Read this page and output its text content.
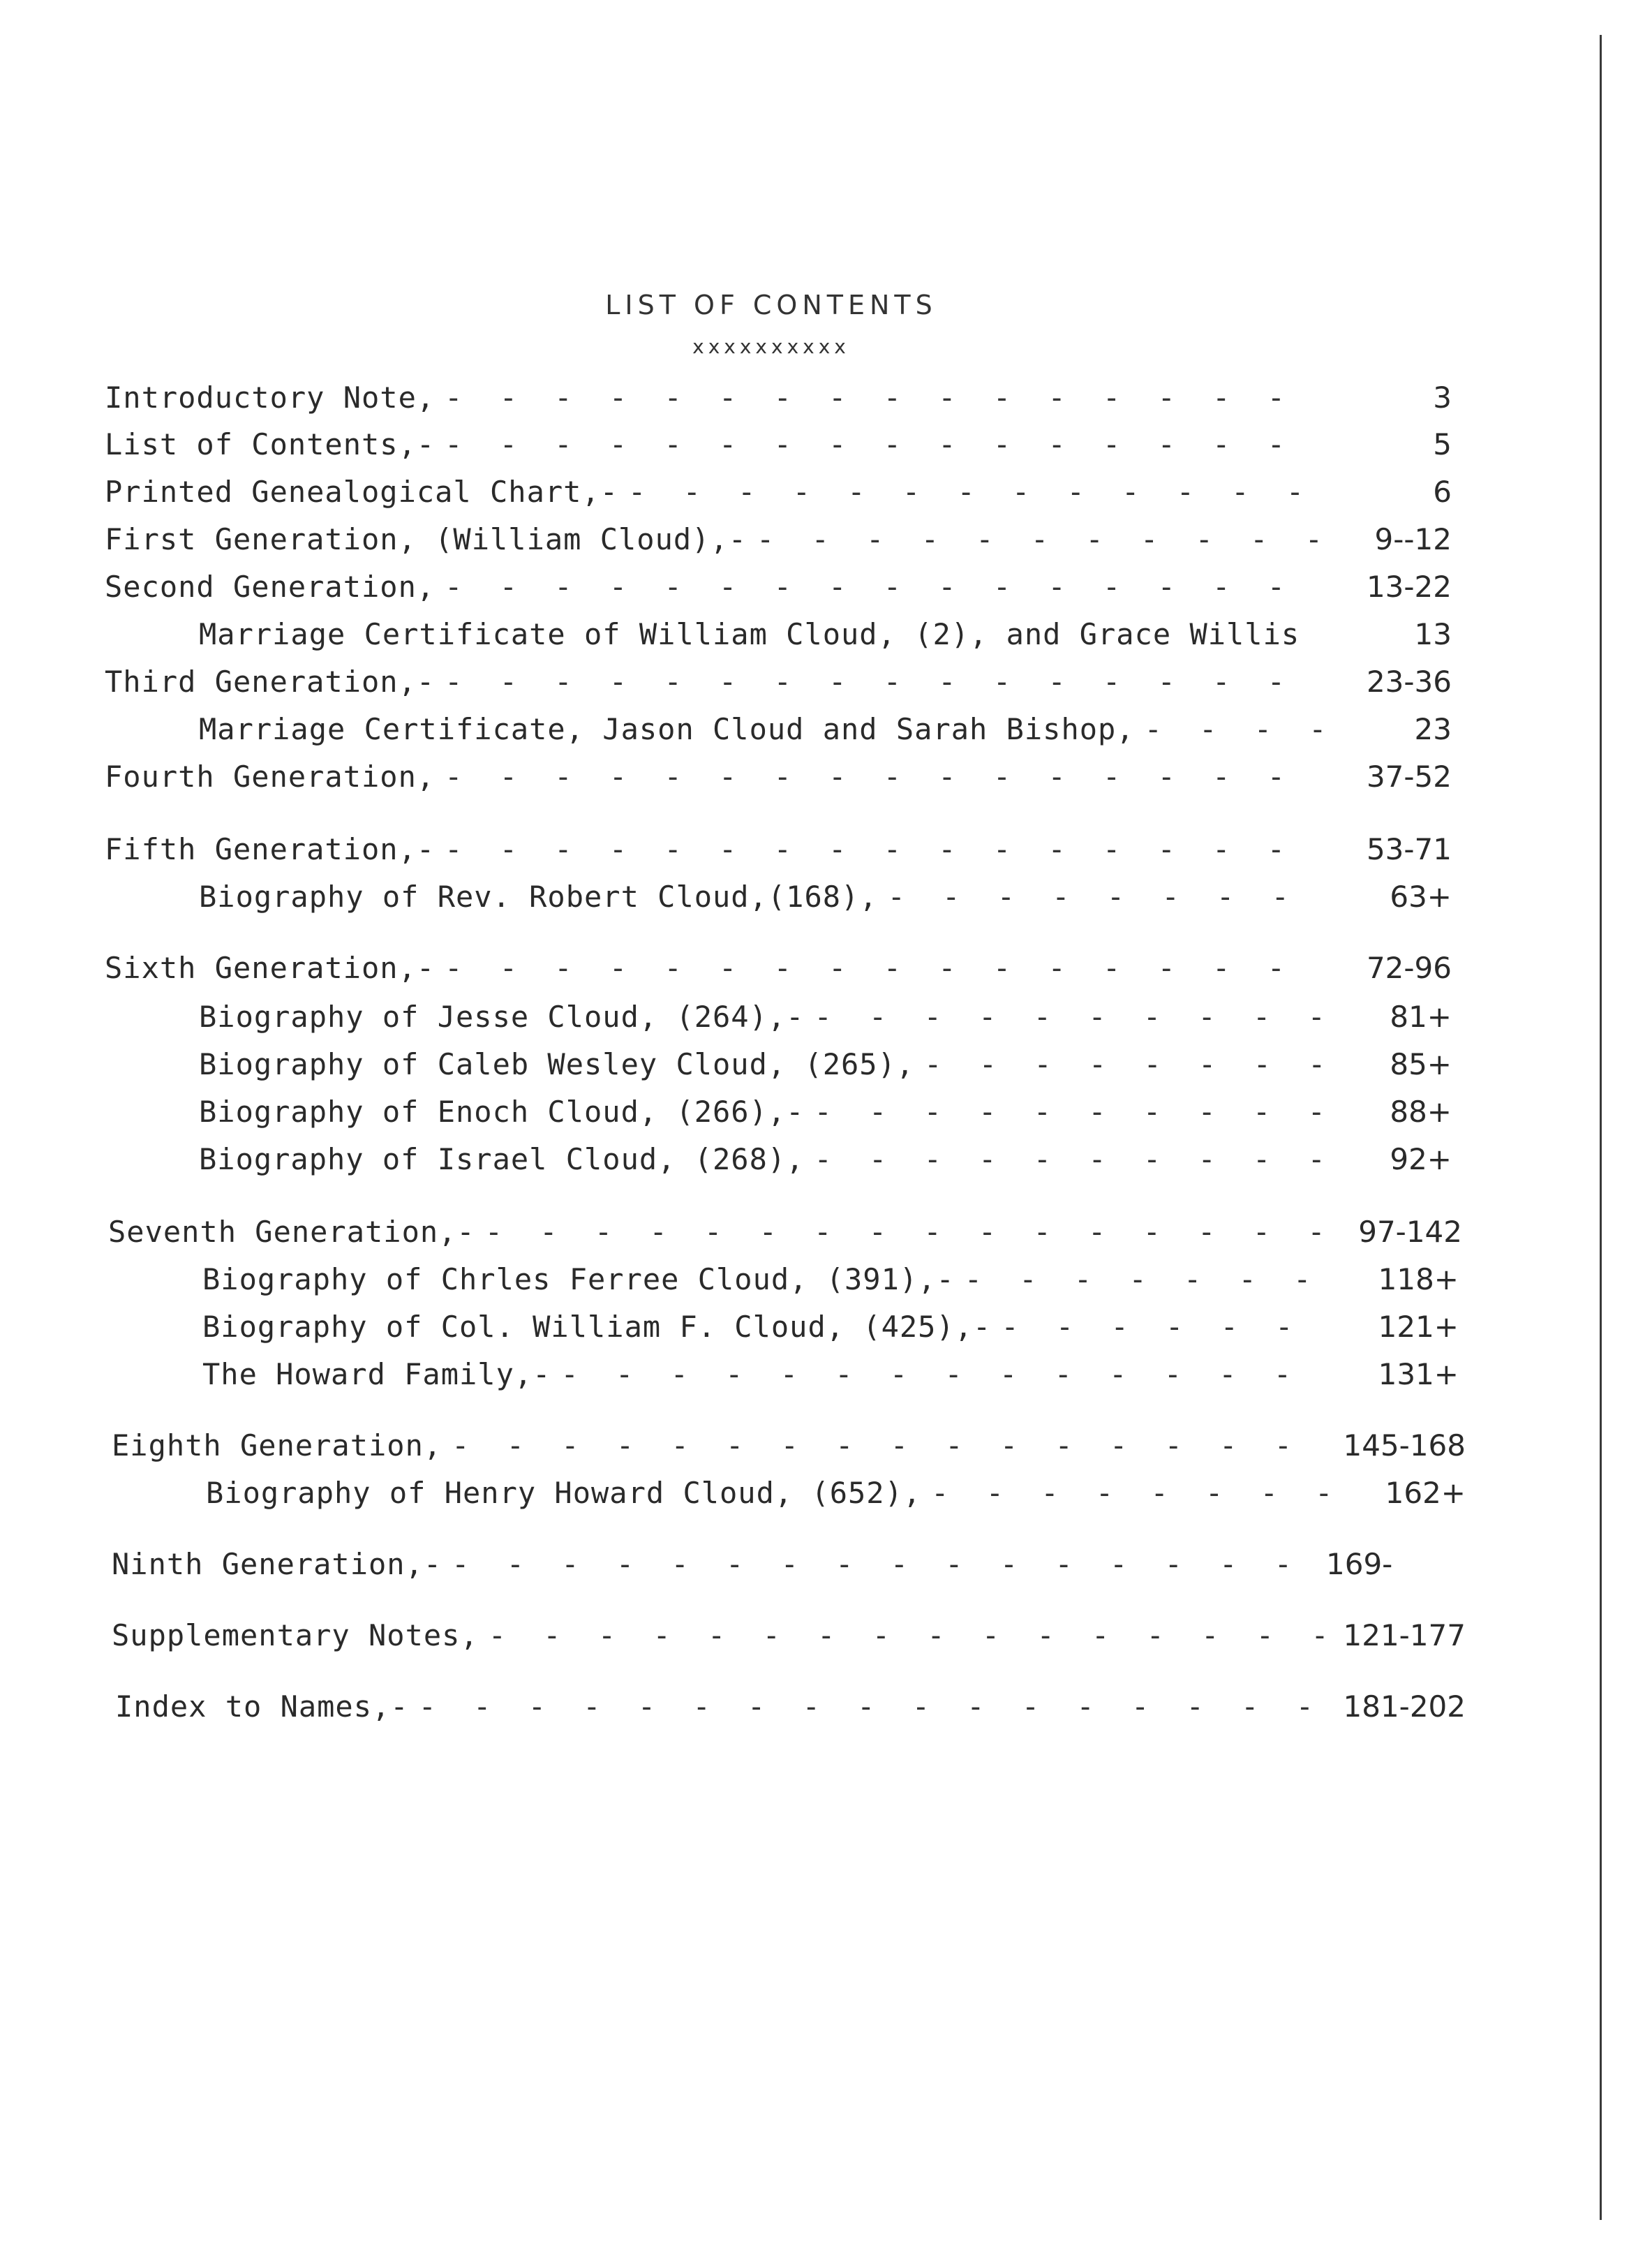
LIST OF CONTENTS
xxxxxxxxxx
Introductory Note, - - -	3
List of Contents,- - - -	5
Printed Genealogical Chart,- - - -	6
First Generation, (William Cloud),- - - -	9--12
Second Generation, - - -	13-22
Marriage Certificate of William Cloud, (2), and Grace Willis	13
Third Generation,- - - -	23-36
Marriage Certificate, Jason Cloud and Sarah Bishop, - - -	23
Fourth Generation, - - -	37-52
Fifth Generation,- - - -	53-71
Biography of Rev. Robert Cloud,(168), - - -	63+
Sixth Generation,- - - -	72-96
Biography of Jesse Cloud, (264),- - - -	81+
Biography of Caleb Wesley Cloud, (265), - - -	85+
Biography of Enoch Cloud, (266),- - - -	88+
Biography of Israel Cloud, (268), - - -	92+
Seventh Generation,- - - -	97-142
Biography of Chrles Ferree Cloud, (391),- - - -	118+
Biography of Col. William F. Cloud, (425),- - - -	121+
The Howard Family,- - - -	131+
Eighth Generation, - - -	145-168
Biography of Henry Howard Cloud, (652), - - -	162+
Ninth Generation,- - - -	169-
Supplementary Notes, - - -	121-177
Index to Names,- - - -	181-202
